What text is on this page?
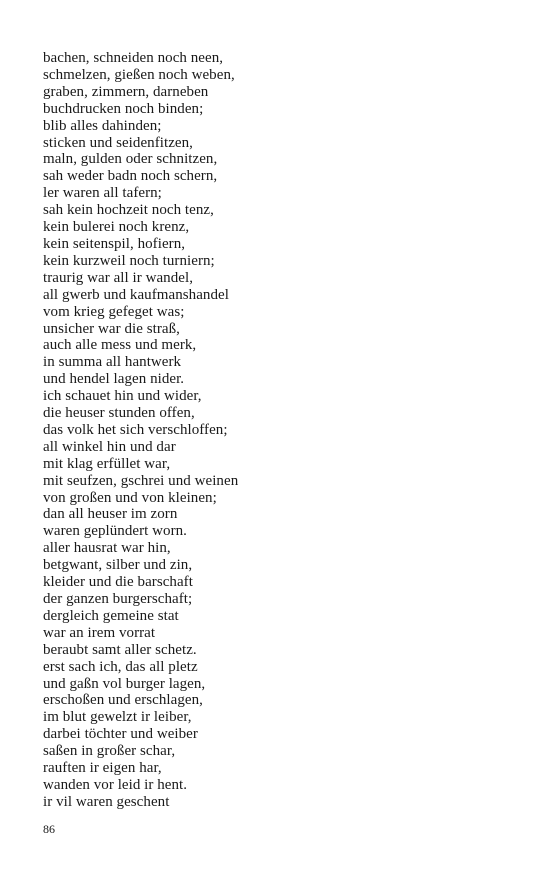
bachen, schneiden noch neen,
schmelzen, gießen noch weben,
graben, zimmern, darneben
buchdrucken noch binden;
blib alles dahinden;
sticken und seidenfitzen,
maln, gulden oder schnitzen,
sah weder badn noch schern,
ler waren all tafern;
sah kein hochzeit noch tenz,
kein bulerei noch krenz,
kein seitenspil, hofiern,
kein kurzweil noch turniern;
traurig war all ir wandel,
all gwerb und kaufmanshandel
vom krieg gefeget was;
unsicher war die straß,
auch alle mess und merk,
in summa all hantwerk
und hendel lagen nider.
ich schauet hin und wider,
die heuser stunden offen,
das volk het sich verschloffen;
all winkel hin und dar
mit klag erfüllet war,
mit seufzen, gschrei und weinen
von großen und von kleinen;
dan all heuser im zorn
waren geplündert worn.
aller hausrat war hin,
betgwant, silber und zin,
kleider und die barschaft
der ganzen burgerschaft;
dergleich gemeine stat
war an irem vorrat
beraubt samt aller schetz.
erst sach ich, das all pletz
und gaßn vol burger lagen,
erschoßen und erschlagen,
im blut gewelzt ir leiber,
darbei töchter und weiber
saßen in großer schar,
rauften ir eigen har,
wanden vor leid ir hent.
ir vil waren geschent
86
